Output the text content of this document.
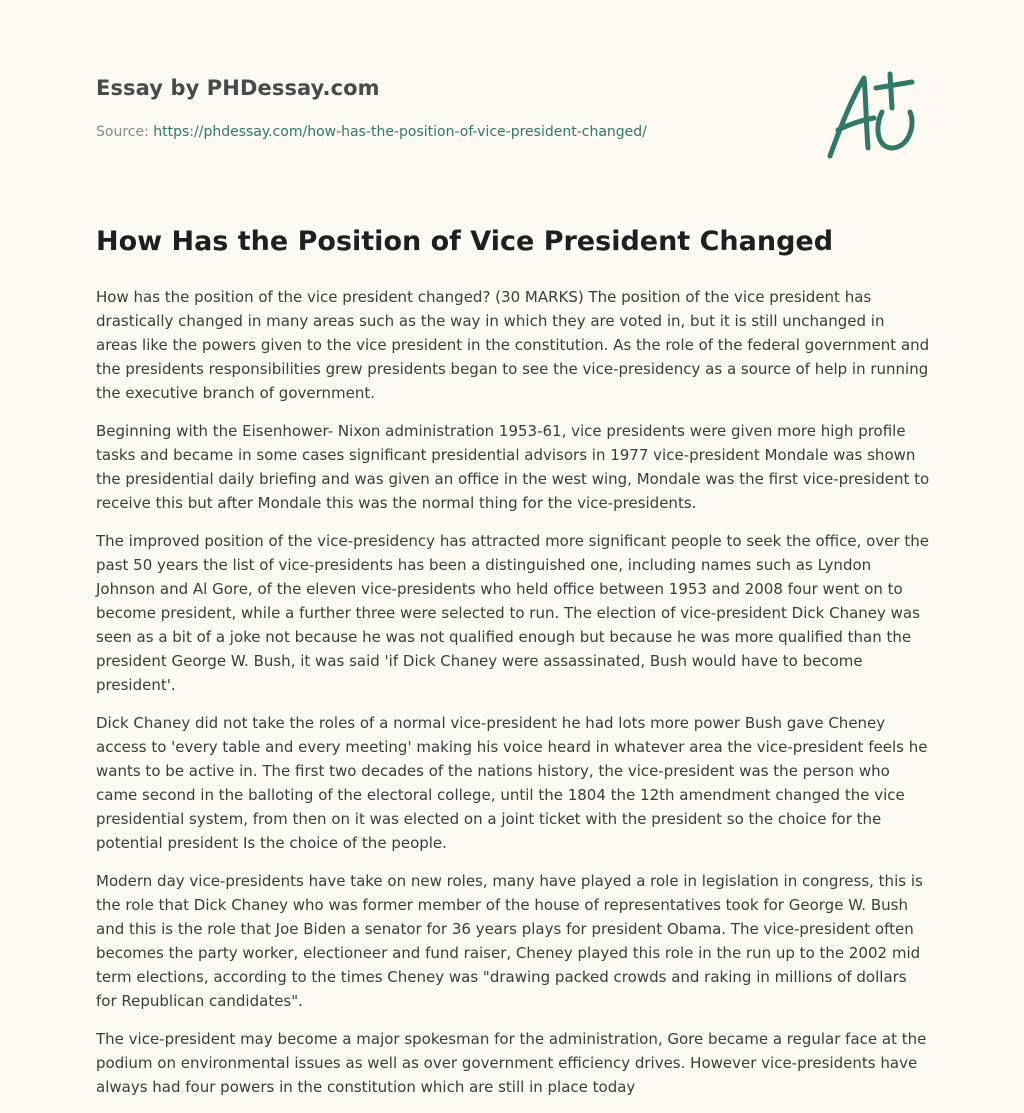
Essay by PHDessay.com
Source: https://phdessay.com/how-has-the-position-of-vice-president-changed/
How Has the Position of Vice President Changed

How has the position of the vice president changed? (30 MARKS) The position of the vice president has drastically changed in many areas such as the way in which they are voted in, but it is still unchanged in areas like the powers given to the vice president in the constitution. As the role of the federal government and the presidents responsibilities grew presidents began to see the vice-presidency as a source of help in running the executive branch of government.

Beginning with the Eisenhower- Nixon administration 1953-61, vice presidents were given more high profile tasks and became in some cases significant presidential advisors in 1977 vice-president Mondale was shown the presidential daily briefing and was given an office in the west wing, Mondale was the first vice-president to receive this but after Mondale this was the normal thing for the vice-presidents.

The improved position of the vice-presidency has attracted more significant people to seek the office, over the past 50 years the list of vice-presidents has been a distinguished one, including names such as Lyndon Johnson and Al Gore, of the eleven vice-presidents who held office between 1953 and 2008 four went on to become president, while a further three were selected to run. The election of vice-president Dick Chaney was seen as a bit of a joke not because he was not qualified enough but because he was more qualified than the president George W. Bush, it was said 'if Dick Chaney were assassinated, Bush would have to become president'.

Dick Chaney did not take the roles of a normal vice-president he had lots more power Bush gave Cheney access to 'every table and every meeting' making his voice heard in whatever area the vice-president feels he wants to be active in. The first two decades of the nations history, the vice-president was the person who came second in the balloting of the electoral college, until the 1804 the 12th amendment changed the vice presidential system, from then on it was elected on a joint ticket with the president so the choice for the potential president Is the choice of the people.

Modern day vice-presidents have take on new roles, many have played a role in legislation in congress, this is the role that Dick Chaney who was former member of the house of representatives took for George W. Bush and this is the role that Joe Biden a senator for 36 years plays for president Obama. The vice-president often becomes the party worker, electioneer and fund raiser, Cheney played this role in the run up to the 2002 mid term elections, according to the times Cheney was "drawing packed crowds and raking in millions of dollars for Republican candidates".

The vice-president may become a major spokesman for the administration, Gore became a regular face at the podium on environmental issues as well as over government efficiency drives. However vice-presidents have always had four powers in the constitution which are still in place today
